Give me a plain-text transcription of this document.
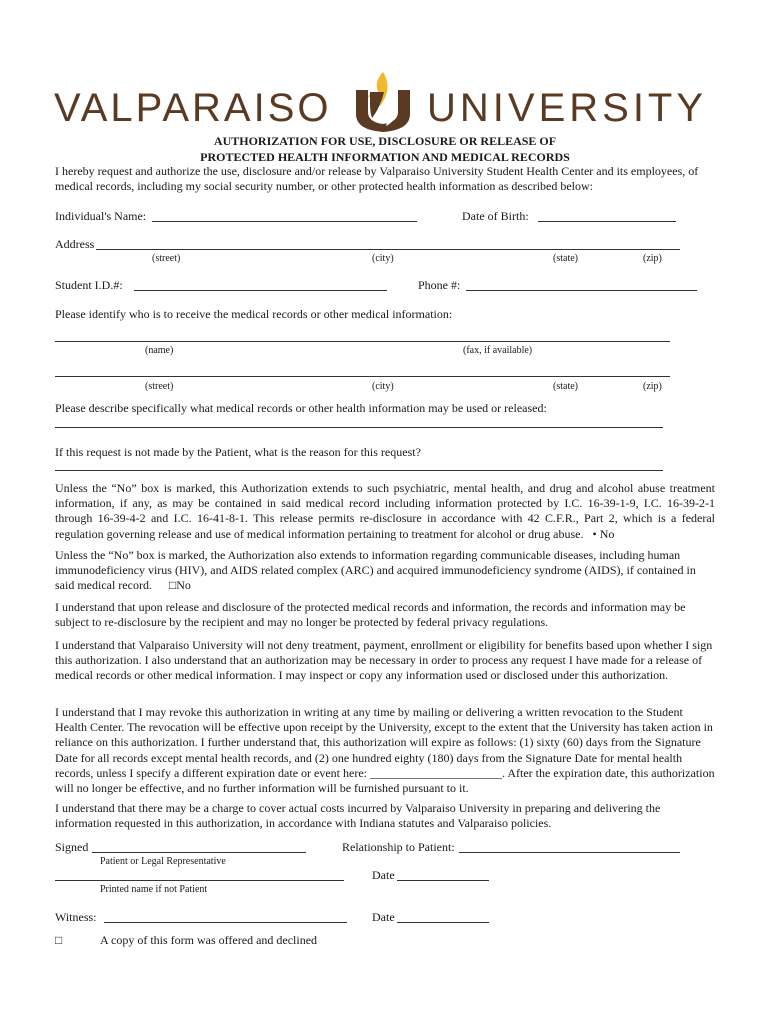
VALPARAISO UNIVERSITY
AUTHORIZATION FOR USE, DISCLOSURE OR RELEASE OF
PROTECTED HEALTH INFORMATION AND MEDICAL RECORDS
I hereby request and authorize the use, disclosure and/or release by Valparaiso University Student Health Center and its employees, of medical records, including my social security number, or other protected health information as described below:
Individual's Name:	Date of Birth:
Address
(street)	(city)	(state)	(zip)
Student I.D.#:	Phone #:
Please identify who is to receive the medical records or other medical information:
(name)	(fax, if available)
(street)	(city)	(state)	(zip)
Please describe specifically what medical records or other health information may be used or released:
If this request is not made by the Patient, what is the reason for this request?
Unless the “No” box is marked, this Authorization extends to such psychiatric, mental health, and drug and alcohol abuse treatment information, if any, as may be contained in said medical record including information protected by I.C. 16-39-1-9, I.C. 16-39-2-1 through 16-39-4-2 and I.C. 16-41-8-1. This release permits re-disclosure in accordance with 42 C.F.R., Part 2, which is a federal regulation governing release and use of medical information pertaining to treatment for alcohol or drug abuse. • No
Unless the “No” box is marked, the Authorization also extends to information regarding communicable diseases, including human immunodeficiency virus (HIV), and AIDS related complex (ARC) and acquired immunodeficiency syndrome (AIDS), if contained in said medical record. □No
I understand that upon release and disclosure of the protected medical records and information, the records and information may be subject to re-disclosure by the recipient and may no longer be protected by federal privacy regulations.
I understand that Valparaiso University will not deny treatment, payment, enrollment or eligibility for benefits based upon whether I sign this authorization. I also understand that an authorization may be necessary in order to process any request I have made for a release of medical records or other medical information. I may inspect or copy any information used or disclosed under this authorization.
I understand that I may revoke this authorization in writing at any time by mailing or delivering a written revocation to the Student Health Center. The revocation will be effective upon receipt by the University, except to the extent that the University has taken action in reliance on this authorization. I further understand that, this authorization will expire as follows: (1) sixty (60) days from the Signature Date for all records except mental health records, and (2) one hundred eighty (180) days from the Signature Date for mental health records, unless I specify a different expiration date or event here: ______________________. After the expiration date, this authorization will no longer be effective, and no further information will be furnished pursuant to it.
I understand that there may be a charge to cover actual costs incurred by Valparaiso University in preparing and delivering the information requested in this authorization, in accordance with Indiana statutes and Valparaiso policies.
Signed	Relationship to Patient:
Patient or Legal Representative
Date
Printed name if not Patient
Witness:	Date
□	A copy of this form was offered and declined
